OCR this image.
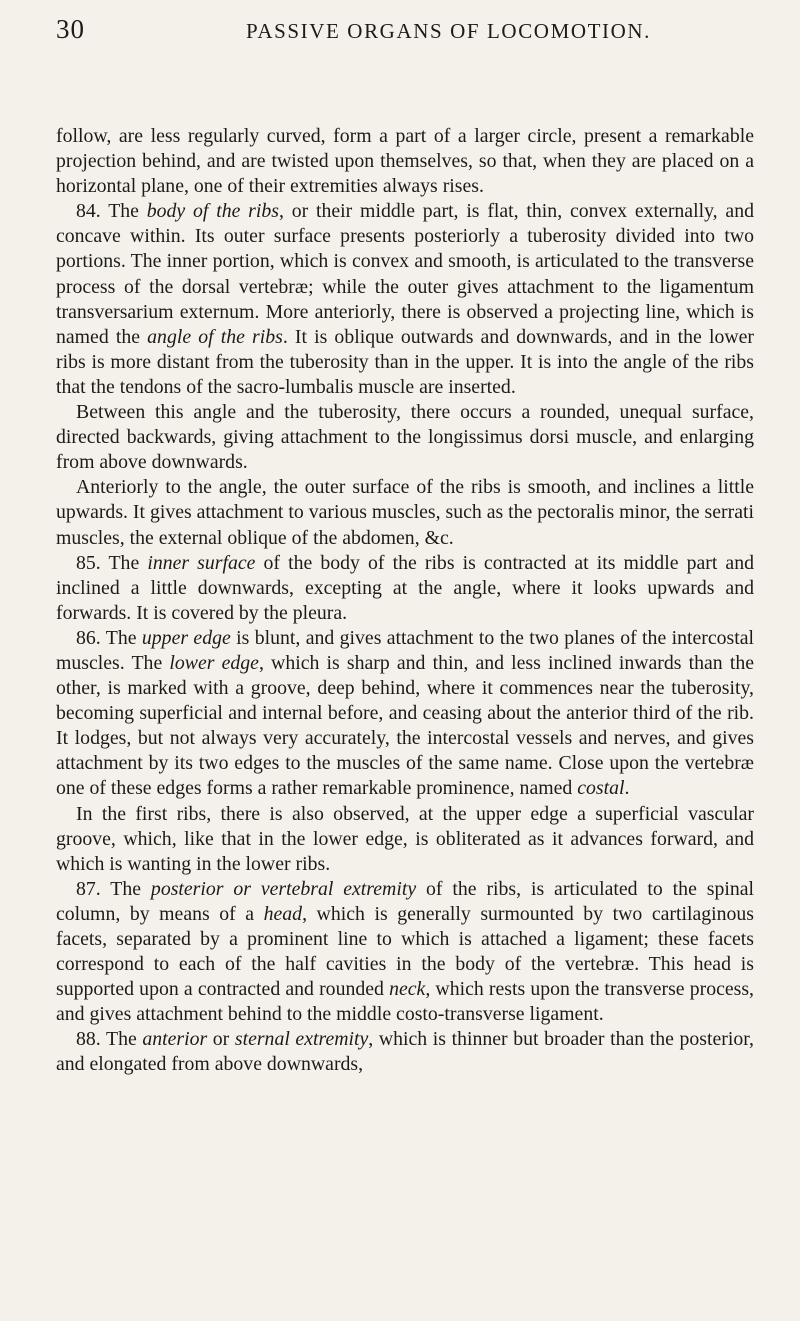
30	PASSIVE ORGANS OF LOCOMOTION.

follow, are less regularly curved, form a part of a larger circle, present a remarkable projection behind, and are twisted upon themselves, so that, when they are placed on a horizontal plane, one of their extremities always rises.

84. The body of the ribs, or their middle part, is flat, thin, convex externally, and concave within. Its outer surface presents posteriorly a tuberosity divided into two portions. The inner portion, which is convex and smooth, is articulated to the transverse process of the dorsal vertebræ; while the outer gives attachment to the ligamentum transversarium externum. More anteriorly, there is observed a projecting line, which is named the angle of the ribs. It is oblique outwards and downwards, and in the lower ribs is more distant from the tuberosity than in the upper. It is into the angle of the ribs that the tendons of the sacro-lumbalis muscle are inserted.

Between this angle and the tuberosity, there occurs a rounded, unequal surface, directed backwards, giving attachment to the longissimus dorsi muscle, and enlarging from above downwards.

Anteriorly to the angle, the outer surface of the ribs is smooth, and inclines a little upwards. It gives attachment to various muscles, such as the pectoralis minor, the serrati muscles, the external oblique of the abdomen, &c.

85. The inner surface of the body of the ribs is contracted at its middle part and inclined a little downwards, excepting at the angle, where it looks upwards and forwards. It is covered by the pleura.

86. The upper edge is blunt, and gives attachment to the two planes of the intercostal muscles. The lower edge, which is sharp and thin, and less inclined inwards than the other, is marked with a groove, deep behind, where it commences near the tuberosity, becoming superficial and internal before, and ceasing about the anterior third of the rib. It lodges, but not always very accurately, the intercostal vessels and nerves, and gives attachment by its two edges to the muscles of the same name. Close upon the vertebræ one of these edges forms a rather remarkable prominence, named costal.

In the first ribs, there is also observed, at the upper edge a superficial vascular groove, which, like that in the lower edge, is obliterated as it advances forward, and which is wanting in the lower ribs.

87. The posterior or vertebral extremity of the ribs, is articulated to the spinal column, by means of a head, which is generally surmounted by two cartilaginous facets, separated by a prominent line to which is attached a ligament; these facets correspond to each of the half cavities in the body of the vertebræ. This head is supported upon a contracted and rounded neck, which rests upon the transverse process, and gives attachment behind to the middle costo-transverse ligament.

88. The anterior or sternal extremity, which is thinner but broader than the posterior, and elongated from above downwards,
